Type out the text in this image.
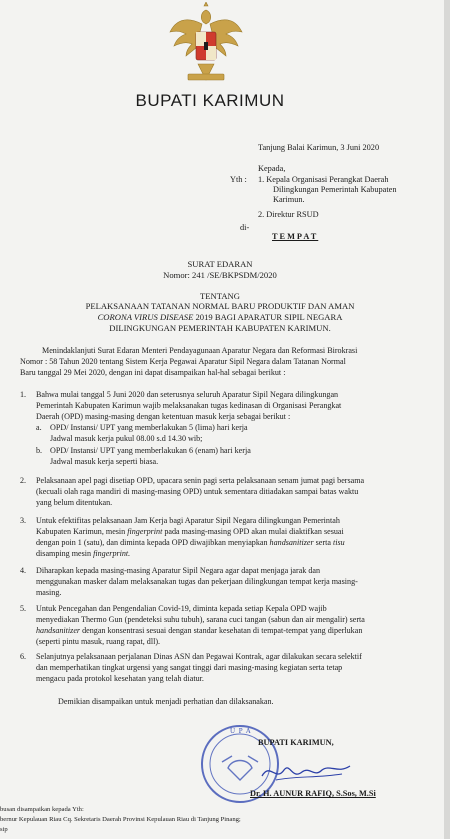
BUPATI KARIMUN
Tanjung Balai Karimun, 3 Juni 2020
Kepada,
Yth : 1. Kepala Organisasi Perangkat Daerah
Dilingkungan Pemerintah Kabupaten
Karimun.
2. Direktur RSUD
di-
TEMPAT
SURAT EDARAN
Nomor: 241 /SE/BKPSDM/2020
TENTANG
PELAKSANAAN TATANAN NORMAL BARU PRODUKTIF DAN AMAN
CORONA VIRUS DISEASE 2019 BAGI APARATUR SIPIL NEGARA
DILINGKUNGAN PEMERINTAH KABUPATEN KARIMUN.
Menindaklanjuti Surat Edaran Menteri Pendayagunaan Aparatur Negara dan Reformasi Birokrasi
Nomor : 58 Tahun 2020 tentang Sistem Kerja Pegawai Aparatur Sipil Negara dalam Tatanan Normal
Baru tanggal 29 Mei 2020, dengan ini dapat disampaikan hal-hal sebagai berikut :
1. Bahwa mulai tanggal 5 Juni 2020 dan seterusnya seluruh Aparatur Sipil Negara dilingkungan
Pemerintah Kabupaten Karimun wajib melaksanakan tugas kedinasan di Organisasi Perangkat
Daerah (OPD) masing-masing dengan ketentuan masuk kerja sebagai berikut :
a. OPD/ Instansi/ UPT yang memberlakukan 5 (lima) hari kerja
Jadwal masuk kerja pukul 08.00 s.d 14.30 wib;
b. OPD/ Instansi/ UPT yang memberlakukan 6 (enam) hari kerja
Jadwal masuk kerja seperti biasa.
2. Pelaksanaan apel pagi disetiap OPD, upacara senin pagi serta pelaksanaan senam jumat pagi bersama
(kecuali olah raga mandiri di masing-masing OPD) untuk sementara ditiadakan sampai batas waktu
yang belum ditentukan.
3. Untuk efektifitas pelaksanaan Jam Kerja bagi Aparatur Sipil Negara dilingkungan Pemerintah
Kabupaten Karimun, mesin fingerprint pada masing-masing OPD akan mulai diaktifkan sesuai
dengan poin 1 (satu), dan diminta kepada OPD diwajibkan menyiapkan handsanitizer serta tisu
disamping mesin fingerprint.
4. Diharapkan kepada masing-masing Aparatur Sipil Negara agar dapat menjaga jarak dan
menggunakan masker dalam melaksanakan tugas dan pekerjaan dilingkungan tempat kerja masing-
masing.
5. Untuk Pencegahan dan Pengendalian Covid-19, diminta kepada setiap Kepala OPD wajib
menyediakan Thermo Gun (pendeteksi suhu tubuh), sarana cuci tangan (sabun dan air mengalir) serta
handsanitizer dengan konsentrasi sesuai dengan standar kesehatan di tempat-tempat yang diperlukan
(seperti pintu masuk, ruang rapat, dll).
6. Selanjutnya pelaksanaan perjalanan Dinas ASN dan Pegawai Kontrak, agar dilakukan secara selektif
dan memperhatikan tingkat urgensi yang sangat tinggi dari masing-masing kegiatan serta tetap
mengacu pada protokol kesehatan yang telah diatur.
Demikian disampaikan untuk menjadi perhatian dan dilaksanakan.
U P A
BUPATI KARIMUN,
Dr. H. AUNUR RAFIQ, S.Sos, M.Si
busan disampaikan kepada Yth:
bernur Kepulauan Riau Cq. Sekretaris Daerah Provinsi Kepulauan Riau di Tanjung Pinang;
sip
